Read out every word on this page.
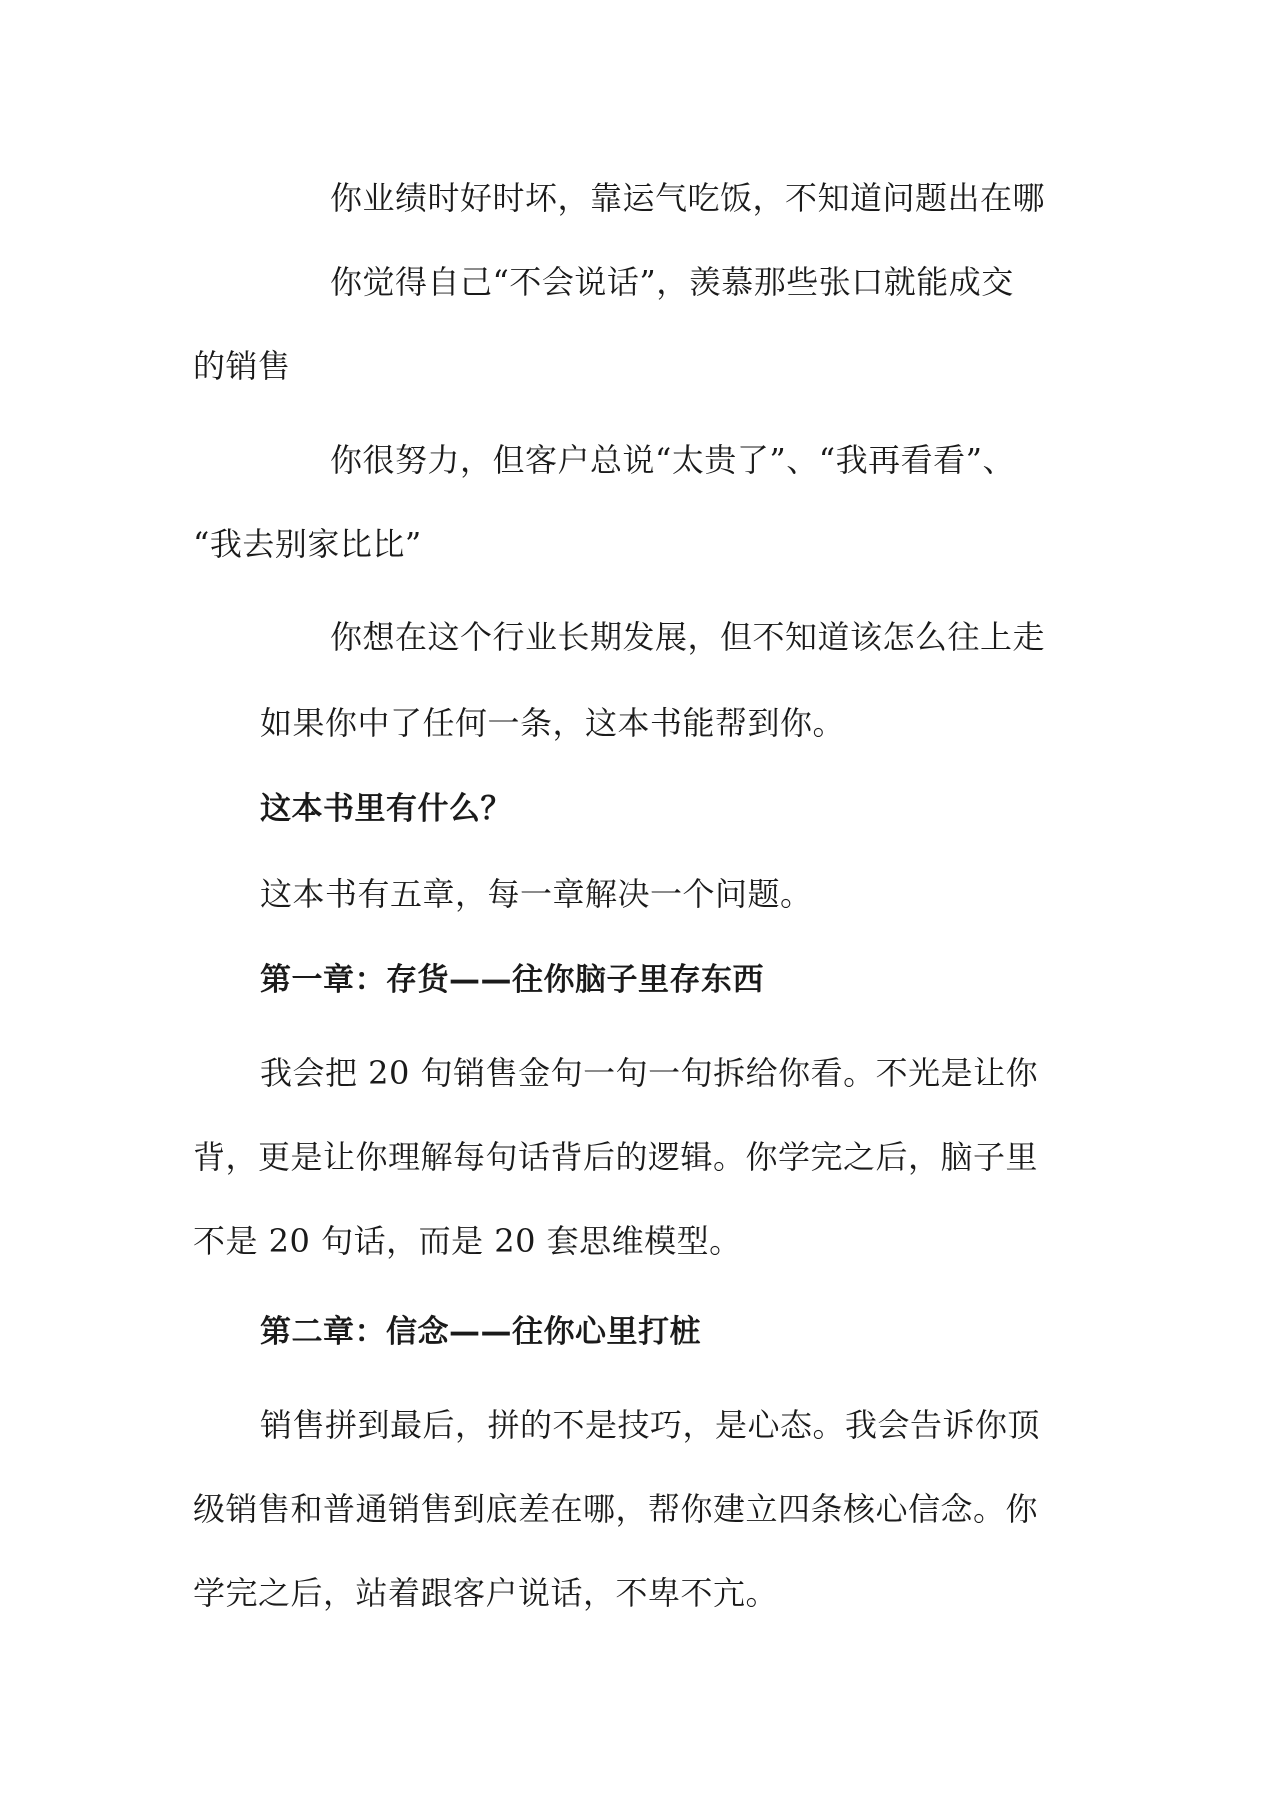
你业绩时好时坏，靠运气吃饭，不知道问题出在哪
你觉得自己“不会说话”，羡慕那些张口就能成交
的销售
你很努力，但客户总说“太贵了”、“我再看看”、
“我去别家比比”
你想在这个行业长期发展，但不知道该怎么往上走
如果你中了任何一条，这本书能帮到你。
这本书里有什么？
这本书有五章，每一章解决一个问题。
第一章：存货——往你脑子里存东西
我会把 20 句销售金句一句一句拆给你看。不光是让你
背，更是让你理解每句话背后的逻辑。你学完之后，脑子里
不是 20 句话，而是 20 套思维模型。
第二章：信念——往你心里打桩
销售拼到最后，拼的不是技巧，是心态。我会告诉你顶
级销售和普通销售到底差在哪，帮你建立四条核心信念。你
学完之后，站着跟客户说话，不卑不亢。
